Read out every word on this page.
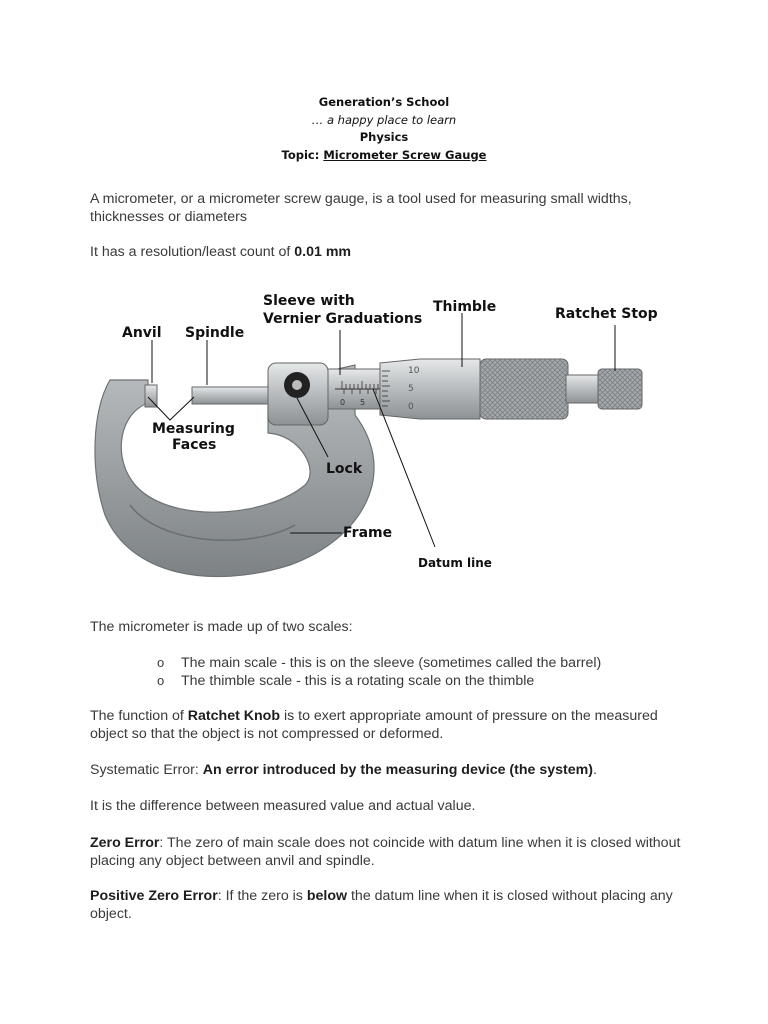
Generation’s School
… a happy place to learn
Physics
Topic: Micrometer Screw Gauge
A micrometer, or a micrometer screw gauge, is a tool used for measuring small widths, thicknesses or diameters
It has a resolution/least count of 0.01 mm
0 5
10
5
0
Anvil Spindle
Sleeve with
Vernier Graduations
Thimble	Ratchet Stop
Measuring
Faces
Lock
Frame
Datum line
The micrometer is made up of two scales:
o	The main scale - this is on the sleeve (sometimes called the barrel)
o	The thimble scale - this is a rotating scale on the thimble
The function of Ratchet Knob is to exert appropriate amount of pressure on the measured object so that the object is not compressed or deformed.
Systematic Error: An error introduced by the measuring device (the system).
It is the difference between measured value and actual value.
Zero Error: The zero of main scale does not coincide with datum line when it is closed without placing any object between anvil and spindle.
Positive Zero Error: If the zero is below the datum line when it is closed without placing any object.
